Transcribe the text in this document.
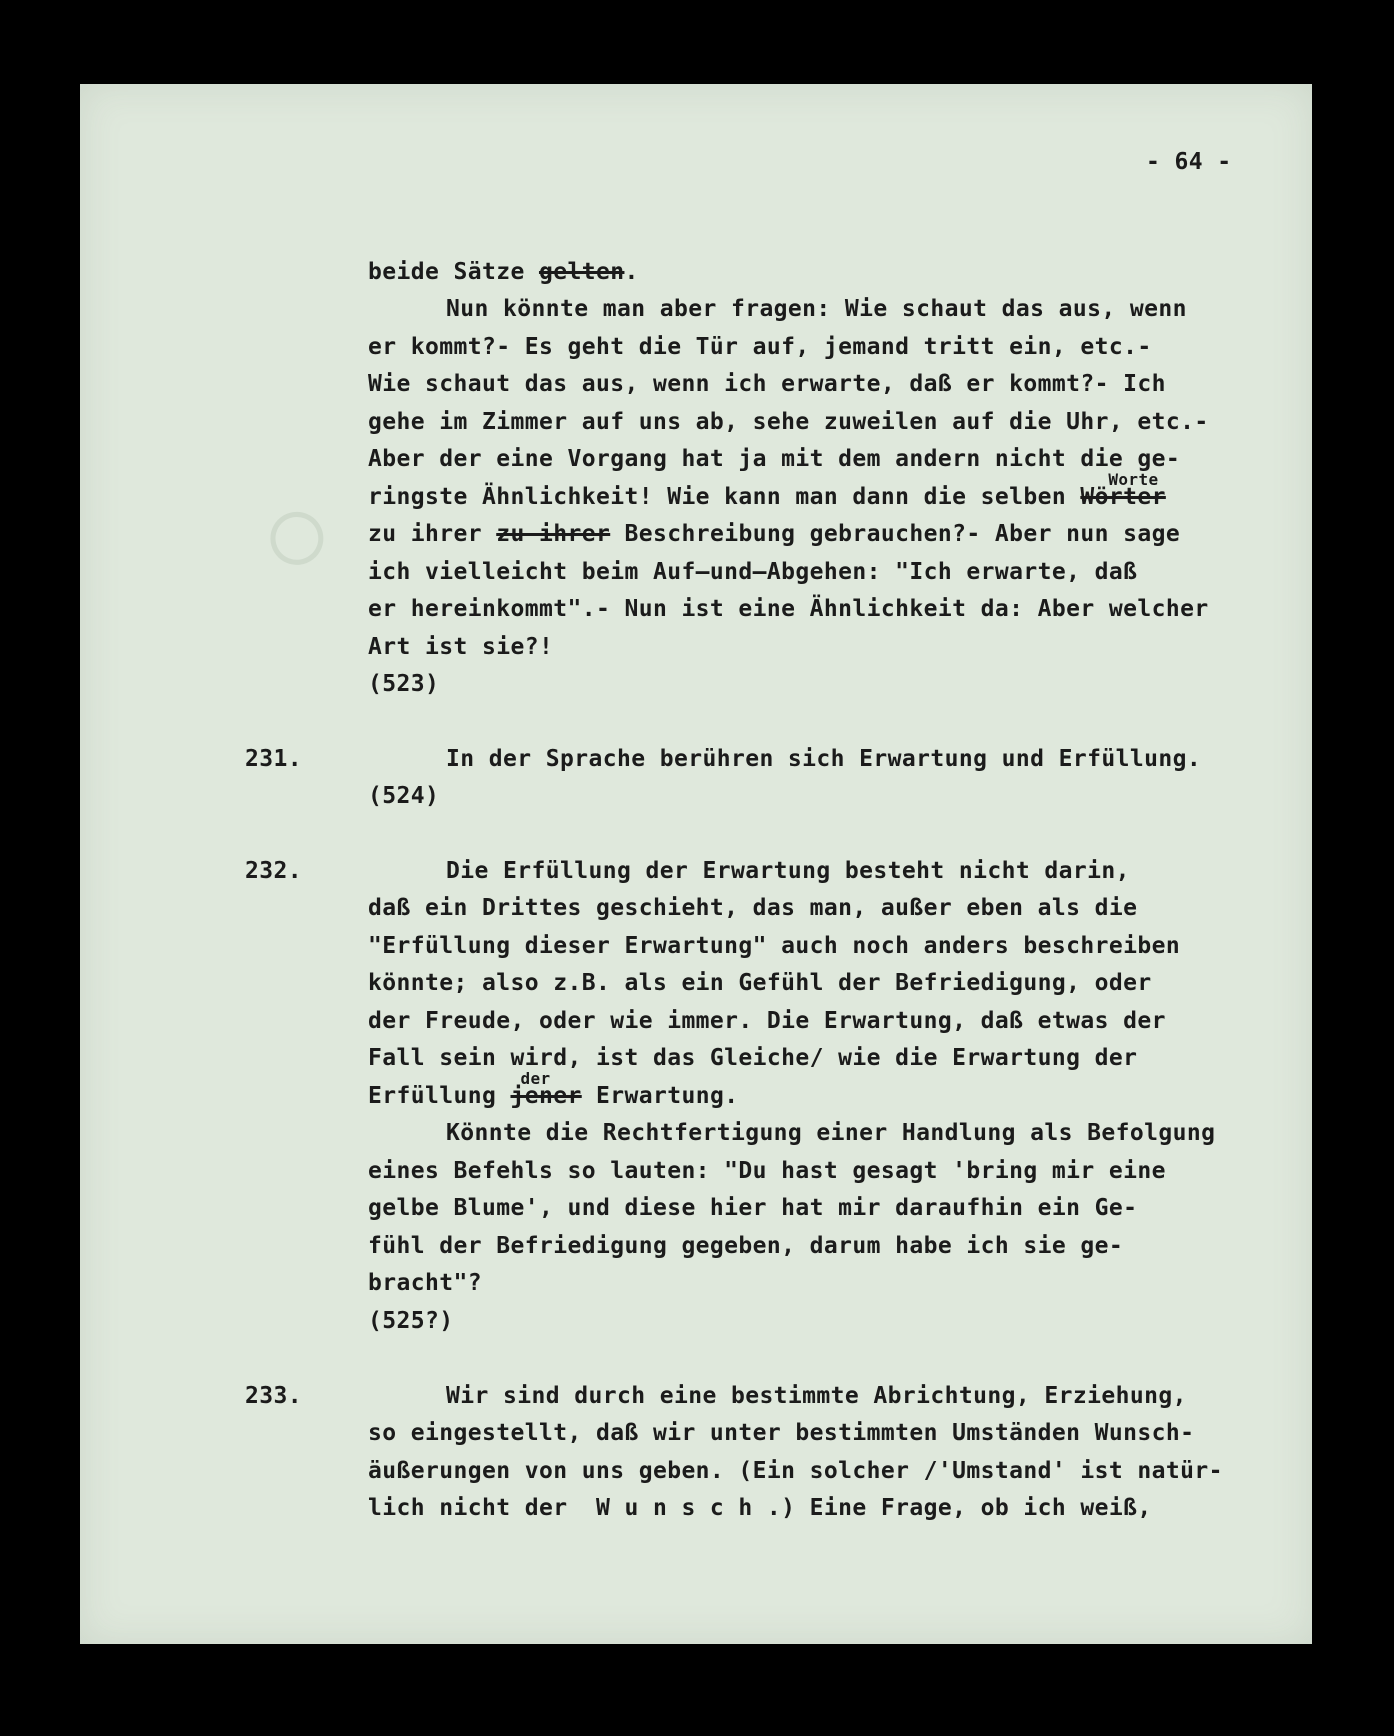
○
- 64 -
beide Sätze gelten.
Nun könnte man aber fragen: Wie schaut das aus, wenn
er kommt?- Es geht die Tür auf, jemand tritt ein, etc.-
Wie schaut das aus, wenn ich erwarte, daß er kommt?- Ich
gehe im Zimmer auf uns ab, sehe zuweilen auf die Uhr, etc.-
Aber der eine Vorgang hat ja mit dem andern nicht die ge-
ringste Ähnlichkeit! Wie kann man dann die selben Wörter
Worte
zu ihrer zu ihrer Beschreibung gebrauchen?- Aber nun sage
ich vielleicht beim Auf—und—Abgehen: "Ich erwarte, daß
er hereinkommt".- Nun ist eine Ähnlichkeit da: Aber welcher
Art ist sie?!
(523)
231.	In der Sprache berühren sich Erwartung und Erfüllung.
(524)
232.	Die Erfüllung der Erwartung besteht nicht darin,
daß ein Drittes geschieht, das man, außer eben als die
"Erfüllung dieser Erwartung" auch noch anders beschreiben
könnte; also z.B. als ein Gefühl der Befriedigung, oder
der Freude, oder wie immer. Die Erwartung, daß etwas der
Fall sein wird, ist das Gleiche/ wie die Erwartung der
Erfüllung jener
der
Erwartung.
Könnte die Rechtfertigung einer Handlung als Befolgung
eines Befehls so lauten: "Du hast gesagt 'bring mir eine
gelbe Blume', und diese hier hat mir daraufhin ein Ge-
fühl der Befriedigung gegeben, darum habe ich sie ge-
bracht"?
(525?)
233.	Wir sind durch eine bestimmte Abrichtung, Erziehung,
so eingestellt, daß wir unter bestimmten Umständen Wunsch-
äußerungen von uns geben. (Ein solcher /'Umstand' ist natür-
lich nicht der  W u n s c h .) Eine Frage, ob ich weiß,
